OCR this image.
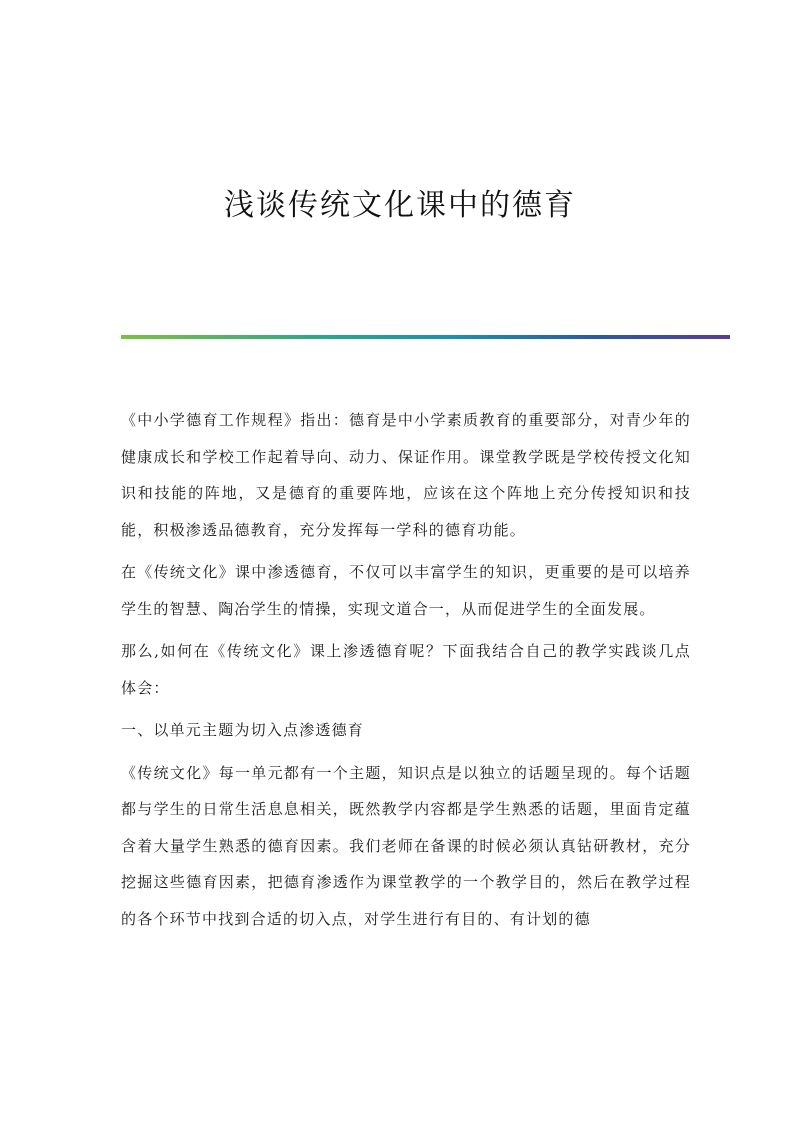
浅谈传统文化课中的德育

《中小学德育工作规程》指出：德育是中小学素质教育的重要部分，对青少年的健康成长和学校工作起着导向、动力、保证作用。课堂教学既是学校传授文化知识和技能的阵地，又是德育的重要阵地，应该在这个阵地上充分传授知识和技能，积极渗透品德教育，充分发挥每一学科的德育功能。

在《传统文化》课中渗透德育，不仅可以丰富学生的知识，更重要的是可以培养学生的智慧、陶冶学生的情操，实现文道合一，从而促进学生的全面发展。

那么,如何在《传统文化》课上渗透德育呢？下面我结合自己的教学实践谈几点体会：

一、以单元主题为切入点渗透德育

《传统文化》每一单元都有一个主题，知识点是以独立的话题呈现的。每个话题都与学生的日常生活息息相关，既然教学内容都是学生熟悉的话题，里面肯定蕴含着大量学生熟悉的德育因素。我们老师在备课的时候必须认真钻研教材，充分挖掘这些德育因素，把德育渗透作为课堂教学的一个教学目的，然后在教学过程的各个环节中找到合适的切入点，对学生进行有目的、有计划的德
